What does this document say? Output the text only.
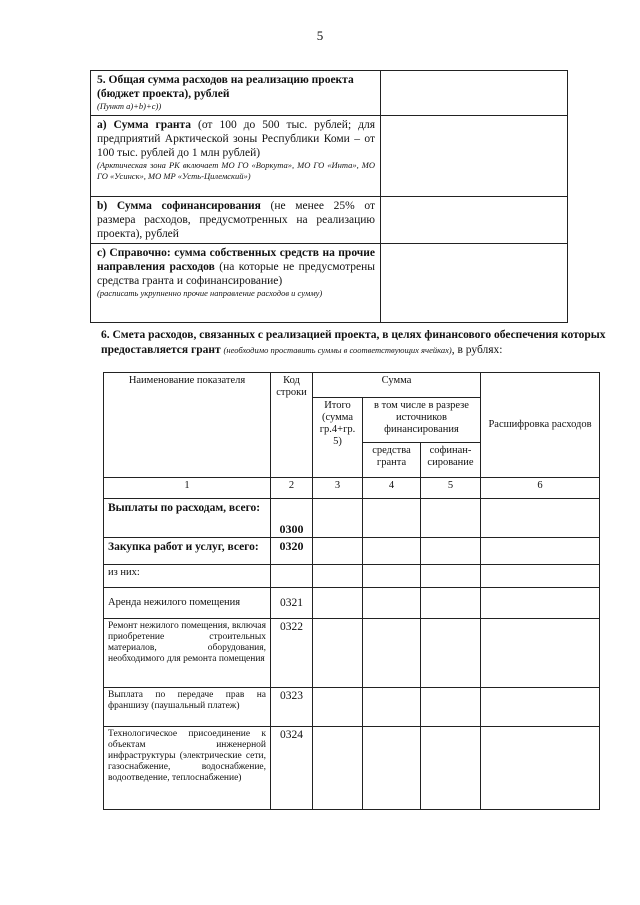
5
5. Общая сумма расходов на реализацию проекта (бюджет проекта), рублей
(Пункт а)+b)+c))	

a) Сумма гранта (от 100 до 500 тыс. рублей; для предприятий Арктической зоны Республики Коми – от 100 тыс. рублей до 1 млн рублей)
(Арктическая зона РК включает МО ГО «Воркута», МО ГО «Инта», МО ГО «Усинск», МО МР «Усть-Цилемский»)	

b) Сумма софинансирования (не менее 25% от размера расходов, предусмотренных на реализацию проекта), рублей	
c) Справочно: сумма собственных средств на прочие направления расходов (на которые не предусмотрены средства гранта и софинансирование)
(расписать укрупненно прочие направление расходов и сумму)	

6. Смета расходов, связанных с реализацией проекта, в целях финансового обеспечения которых предоставляется грант (необходимо проставить суммы в соответствующих ячейках), в рублях:
Наименование показателя	Код строки	Сумма			Расшифровка расходов
		Итого (сумма гр.4+гр. 5)	в том числе в разрезе источников финансирования		
			средства гранта	софинан-сирование	
1	2	3	4	5	6
Выплаты по расходам, всего:	0300				
Закупка работ и услуг, всего:	0320				
из них:					
Аренда нежилого помещения	0321				
Ремонт нежилого помещения, включая приобретение строительных материалов, оборудования, необходимого для ремонта помещения	0322				
Выплата по передаче прав на франшизу (паушальный платеж)	0323				
Технологическое присоединение к объектам инженерной инфраструктуры (электрические сети, газоснабжение, водоснабжение, водоотведение, теплоснабжение)	0324				
